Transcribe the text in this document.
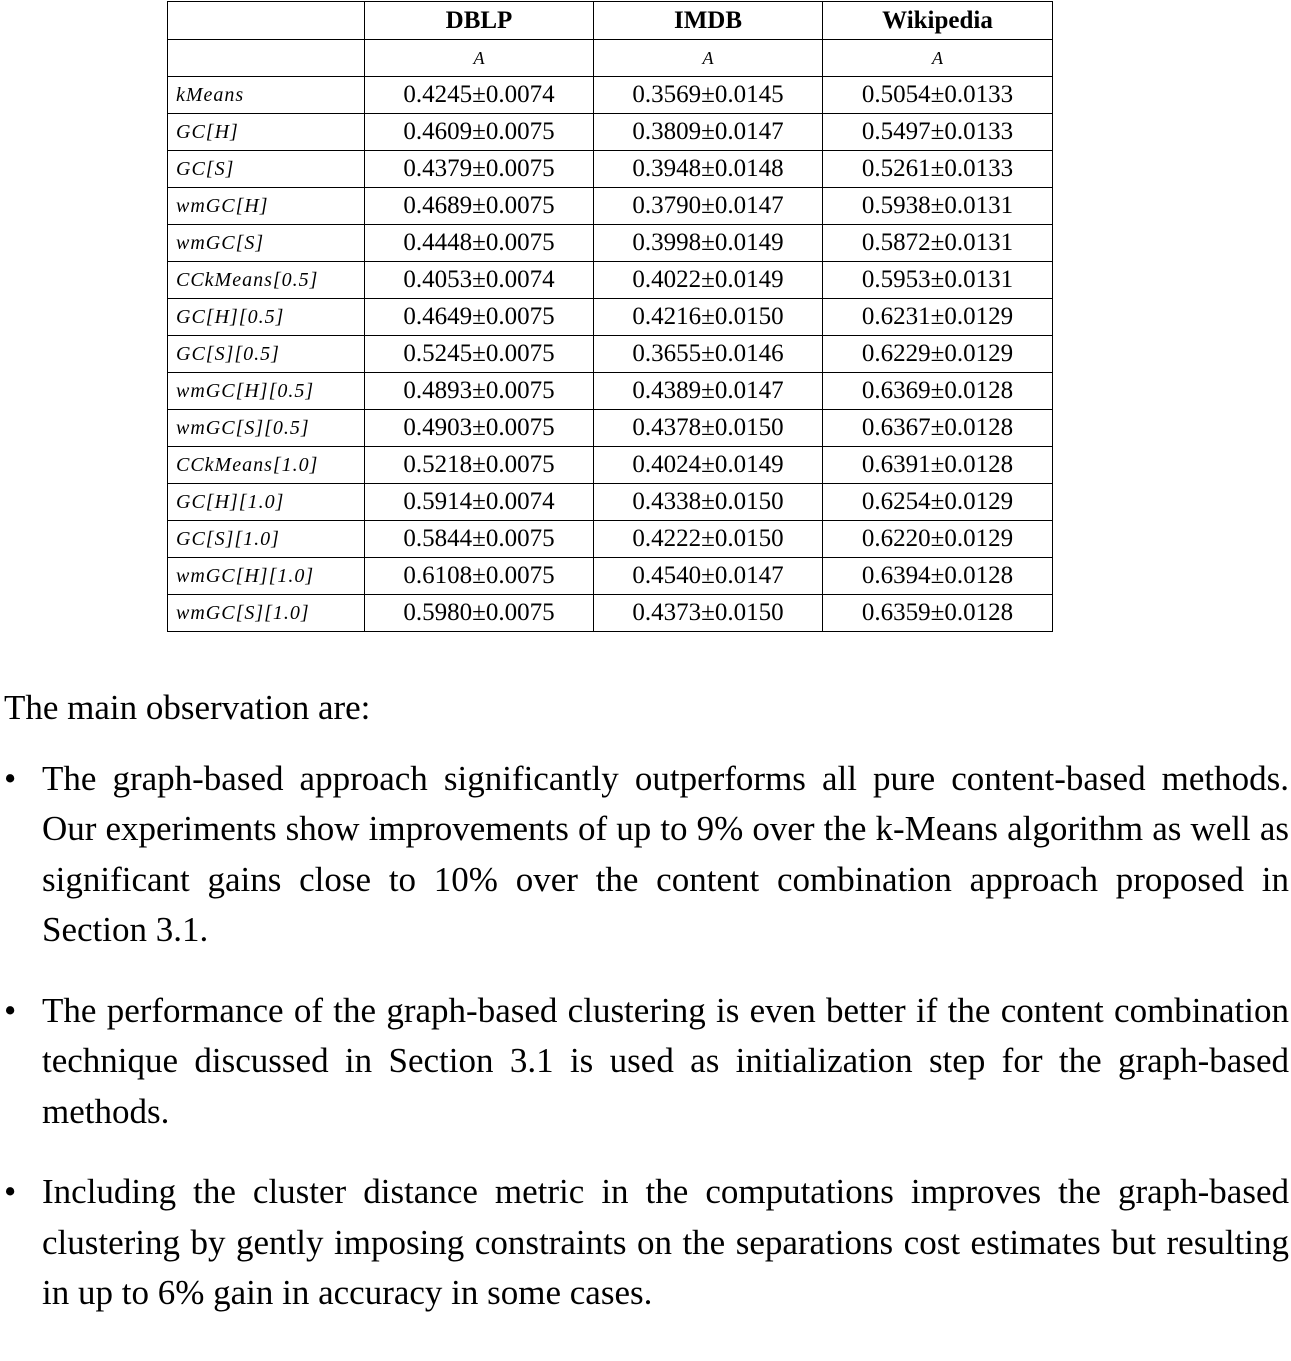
	DBLP	IMDB	Wikipedia
	A	A	A
kMeans	0.4245±0.0074	0.3569±0.0145	0.5054±0.0133
GC[H]	0.4609±0.0075	0.3809±0.0147	0.5497±0.0133
GC[S]	0.4379±0.0075	0.3948±0.0148	0.5261±0.0133
wmGC[H]	0.4689±0.0075	0.3790±0.0147	0.5938±0.0131
wmGC[S]	0.4448±0.0075	0.3998±0.0149	0.5872±0.0131
CCkMeans[0.5]	0.4053±0.0074	0.4022±0.0149	0.5953±0.0131
GC[H][0.5]	0.4649±0.0075	0.4216±0.0150	0.6231±0.0129
GC[S][0.5]	0.5245±0.0075	0.3655±0.0146	0.6229±0.0129
wmGC[H][0.5]	0.4893±0.0075	0.4389±0.0147	0.6369±0.0128
wmGC[S][0.5]	0.4903±0.0075	0.4378±0.0150	0.6367±0.0128
CCkMeans[1.0]	0.5218±0.0075	0.4024±0.0149	0.6391±0.0128
GC[H][1.0]	0.5914±0.0074	0.4338±0.0150	0.6254±0.0129
GC[S][1.0]	0.5844±0.0075	0.4222±0.0150	0.6220±0.0129
wmGC[H][1.0]	0.6108±0.0075	0.4540±0.0147	0.6394±0.0128
wmGC[S][1.0]	0.5980±0.0075	0.4373±0.0150	0.6359±0.0128

The main observation are:

• The graph-based approach significantly outperforms all pure content-based methods. Our experiments show improvements of up to 9% over the k-Means algorithm as well as significant gains close to 10% over the content combination approach proposed in Section 3.1.
• The performance of the graph-based clustering is even better if the content combination technique discussed in Section 3.1 is used as initialization step for the graph-based methods.
• Including the cluster distance metric in the computations improves the graph-based clustering by gently imposing constraints on the separations cost estimates but resulting in up to 6% gain in accuracy in some cases.
